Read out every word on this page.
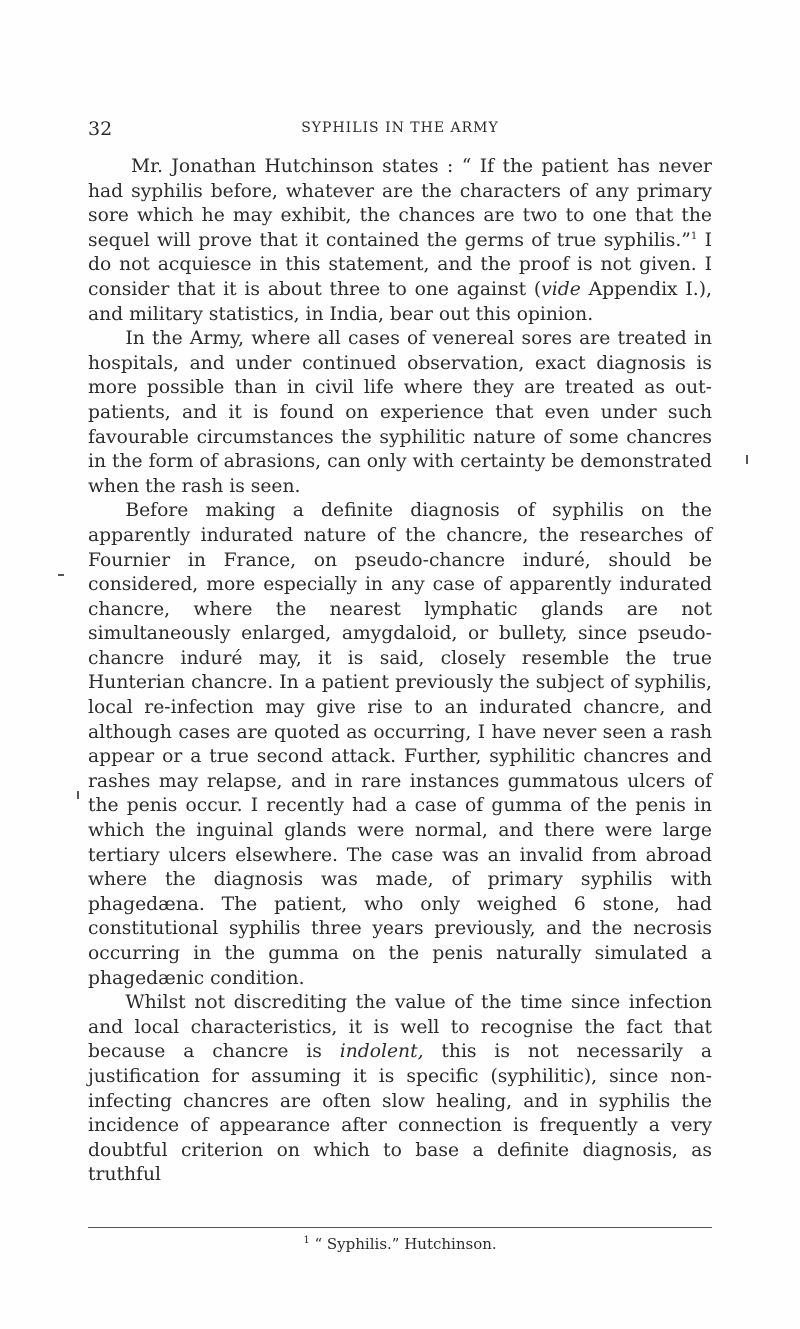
32	SYPHILIS IN THE ARMY

Mr. Jonathan Hutchinson states : “ If the patient has never had syphilis before, whatever are the characters of any primary sore which he may exhibit, the chances are two to one that the sequel will prove that it contained the germs of true syphilis.”$^1$ I do not acquiesce in this statement, and the proof is not given. I consider that it is about three to one against (vide Appendix I.), and military statistics, in India, bear out this opinion.

In the Army, where all cases of venereal sores are treated in hospitals, and under continued observation, exact diagnosis is more possible than in civil life where they are treated as out-patients, and it is found on experience that even under such favourable circumstances the syphilitic nature of some chancres in the form of abrasions, can only with certainty be demonstrated when the rash is seen.

Before making a definite diagnosis of syphilis on the apparently indurated nature of the chancre, the researches of Fournier in France, on pseudo-chancre induré, should be considered, more especially in any case of apparently indurated chancre, where the nearest lymphatic glands are not simultaneously enlarged, amygdaloid, or bullety, since pseudo-chancre induré may, it is said, closely resemble the true Hunterian chancre. In a patient previously the subject of syphilis, local re-infection may give rise to an indurated chancre, and although cases are quoted as occurring, I have never seen a rash appear or a true second attack. Further, syphilitic chancres and rashes may relapse, and in rare instances gummatous ulcers of the penis occur. I recently had a case of gumma of the penis in which the inguinal glands were normal, and there were large tertiary ulcers elsewhere. The case was an invalid from abroad where the diagnosis was made, of primary syphilis with phagedæna. The patient, who only weighed 6 stone, had constitutional syphilis three years previously, and the necrosis occurring in the gumma on the penis naturally simulated a phagedænic condition.

Whilst not discrediting the value of the time since infection and local characteristics, it is well to recognise the fact that because a chancre is indolent, this is not necessarily a justification for assuming it is specific (syphilitic), since non-infecting chancres are often slow healing, and in syphilis the incidence of appearance after connection is frequently a very doubtful criterion on which to base a definite diagnosis, as truthful

$^1$ “ Syphilis.” Hutchinson.
